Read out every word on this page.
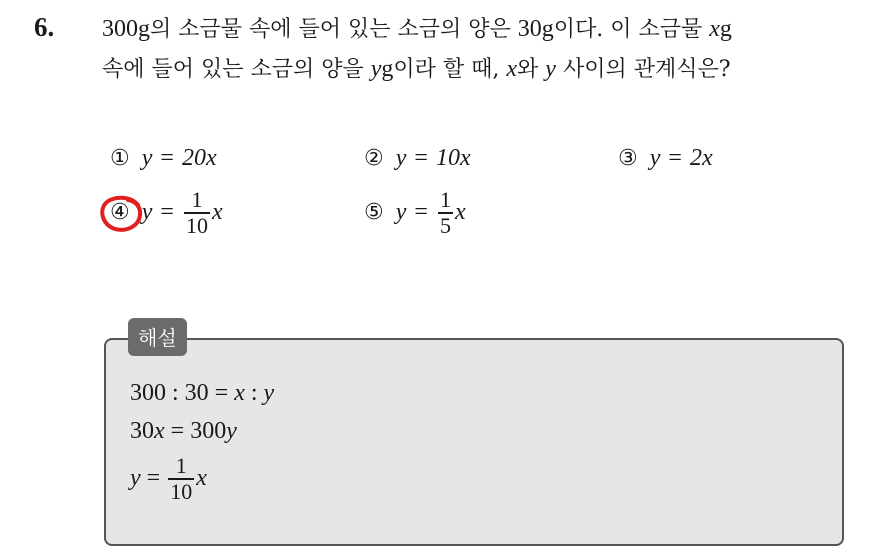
6. 300g의 소금물 속에 들어 있는 소금의 양은 30g이다. 이 소금물 xg
속에 들어 있는 소금의 양을 yg이라 할 때, x와 y 사이의 관계식은?
① y = 20x	② y = 10x	③ y = 2x
④ $y = \frac{1}{10}$ x	⑤ $y = \frac{1}{5}$ x
해설
300 : 30 = x : y
30 x = 300 y
$y = \frac{1}{10}$ x
